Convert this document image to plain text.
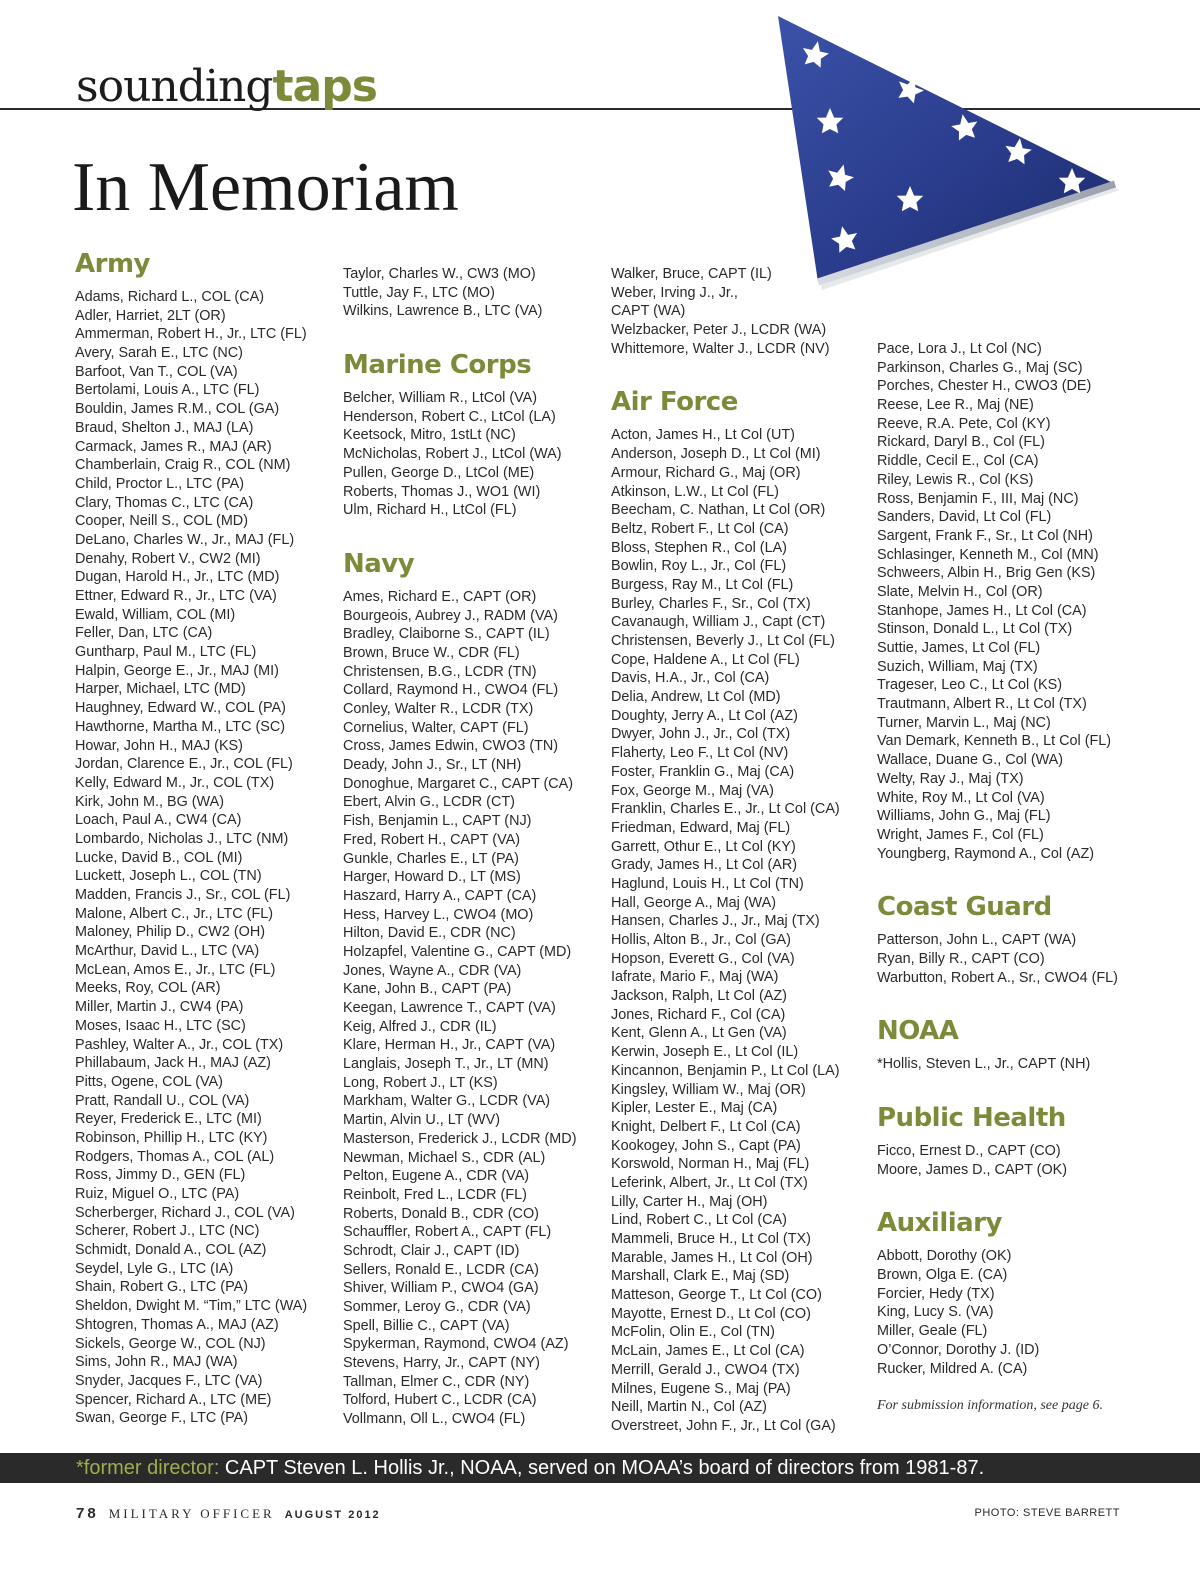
soundingtaps
In Memoriam
Army
Adams, Richard L., COL (CA)
Adler, Harriet, 2LT (OR)
Ammerman, Robert H., Jr., LTC (FL)
Avery, Sarah E., LTC (NC)
Barfoot, Van T., COL (VA)
Bertolami, Louis A., LTC (FL)
Bouldin, James R.M., COL (GA)
Braud, Shelton J., MAJ (LA)
Carmack, James R., MAJ (AR)
Chamberlain, Craig R., COL (NM)
Child, Proctor L., LTC (PA)
Clary, Thomas C., LTC (CA)
Cooper, Neill S., COL (MD)
DeLano, Charles W., Jr., MAJ (FL)
Denahy, Robert V., CW2 (MI)
Dugan, Harold H., Jr., LTC (MD)
Ettner, Edward R., Jr., LTC (VA)
Ewald, William, COL (MI)
Feller, Dan, LTC (CA)
Guntharp, Paul M., LTC (FL)
Halpin, George E., Jr., MAJ (MI)
Harper, Michael, LTC (MD)
Haughney, Edward W., COL (PA)
Hawthorne, Martha M., LTC (SC)
Howar, John H., MAJ (KS)
Jordan, Clarence E., Jr., COL (FL)
Kelly, Edward M., Jr., COL (TX)
Kirk, John M., BG (WA)
Loach, Paul A., CW4 (CA)
Lombardo, Nicholas J., LTC (NM)
Lucke, David B., COL (MI)
Luckett, Joseph L., COL (TN)
Madden, Francis J., Sr., COL (FL)
Malone, Albert C., Jr., LTC (FL)
Maloney, Philip D., CW2 (OH)
McArthur, David L., LTC (VA)
McLean, Amos E., Jr., LTC (FL)
Meeks, Roy, COL (AR)
Miller, Martin J., CW4 (PA)
Moses, Isaac H., LTC (SC)
Pashley, Walter A., Jr., COL (TX)
Phillabaum, Jack H., MAJ (AZ)
Pitts, Ogene, COL (VA)
Pratt, Randall U., COL (VA)
Reyer, Frederick E., LTC (MI)
Robinson, Phillip H., LTC (KY)
Rodgers, Thomas A., COL (AL)
Ross, Jimmy D., GEN (FL)
Ruiz, Miguel O., LTC (PA)
Scherberger, Richard J., COL (VA)
Scherer, Robert J., LTC (NC)
Schmidt, Donald A., COL (AZ)
Seydel, Lyle G., LTC (IA)
Shain, Robert G., LTC (PA)
Sheldon, Dwight M. “Tim,” LTC (WA)
Shtogren, Thomas A., MAJ (AZ)
Sickels, George W., COL (NJ)
Sims, John R., MAJ (WA)
Snyder, Jacques F., LTC (VA)
Spencer, Richard A., LTC (ME)
Swan, George F., LTC (PA)
Taylor, Charles W., CW3 (MO)
Tuttle, Jay F., LTC (MO)
Wilkins, Lawrence B., LTC (VA)
Marine Corps
Belcher, William R., LtCol (VA)
Henderson, Robert C., LtCol (LA)
Keetsock, Mitro, 1stLt (NC)
McNicholas, Robert J., LtCol (WA)
Pullen, George D., LtCol (ME)
Roberts, Thomas J., WO1 (WI)
Ulm, Richard H., LtCol (FL)
Navy
Ames, Richard E., CAPT (OR)
Bourgeois, Aubrey J., RADM (VA)
Bradley, Claiborne S., CAPT (IL)
Brown, Bruce W., CDR (FL)
Christensen, B.G., LCDR (TN)
Collard, Raymond H., CWO4 (FL)
Conley, Walter R., LCDR (TX)
Cornelius, Walter, CAPT (FL)
Cross, James Edwin, CWO3 (TN)
Deady, John J., Sr., LT (NH)
Donoghue, Margaret C., CAPT (CA)
Ebert, Alvin G., LCDR (CT)
Fish, Benjamin L., CAPT (NJ)
Fred, Robert H., CAPT (VA)
Gunkle, Charles E., LT (PA)
Harger, Howard D., LT (MS)
Haszard, Harry A., CAPT (CA)
Hess, Harvey L., CWO4 (MO)
Hilton, David E., CDR (NC)
Holzapfel, Valentine G., CAPT (MD)
Jones, Wayne A., CDR (VA)
Kane, John B., CAPT (PA)
Keegan, Lawrence T., CAPT (VA)
Keig, Alfred J., CDR (IL)
Klare, Herman H., Jr., CAPT (VA)
Langlais, Joseph T., Jr., LT (MN)
Long, Robert J., LT (KS)
Markham, Walter G., LCDR (VA)
Martin, Alvin U., LT (WV)
Masterson, Frederick J., LCDR (MD)
Newman, Michael S., CDR (AL)
Pelton, Eugene A., CDR (VA)
Reinbolt, Fred L., LCDR (FL)
Roberts, Donald B., CDR (CO)
Schauffler, Robert A., CAPT (FL)
Schrodt, Clair J., CAPT (ID)
Sellers, Ronald E., LCDR (CA)
Shiver, William P., CWO4 (GA)
Sommer, Leroy G., CDR (VA)
Spell, Billie C., CAPT (VA)
Spykerman, Raymond, CWO4 (AZ)
Stevens, Harry, Jr., CAPT (NY)
Tallman, Elmer C., CDR (NY)
Tolford, Hubert C., LCDR (CA)
Vollmann, Oll L., CWO4 (FL)
Walker, Bruce, CAPT (IL)
Weber, Irving J., Jr.,
CAPT (WA)
Welzbacker, Peter J., LCDR (WA)
Whittemore, Walter J., LCDR (NV)
Air Force
Acton, James H., Lt Col (UT)
Anderson, Joseph D., Lt Col (MI)
Armour, Richard G., Maj (OR)
Atkinson, L.W., Lt Col (FL)
Beecham, C. Nathan, Lt Col (OR)
Beltz, Robert F., Lt Col (CA)
Bloss, Stephen R., Col (LA)
Bowlin, Roy L., Jr., Col (FL)
Burgess, Ray M., Lt Col (FL)
Burley, Charles F., Sr., Col (TX)
Cavanaugh, William J., Capt (CT)
Christensen, Beverly J., Lt Col (FL)
Cope, Haldene A., Lt Col (FL)
Davis, H.A., Jr., Col (CA)
Delia, Andrew, Lt Col (MD)
Doughty, Jerry A., Lt Col (AZ)
Dwyer, John J., Jr., Col (TX)
Flaherty, Leo F., Lt Col (NV)
Foster, Franklin G., Maj (CA)
Fox, George M., Maj (VA)
Franklin, Charles E., Jr., Lt Col (CA)
Friedman, Edward, Maj (FL)
Garrett, Othur E., Lt Col (KY)
Grady, James H., Lt Col (AR)
Haglund, Louis H., Lt Col (TN)
Hall, George A., Maj (WA)
Hansen, Charles J., Jr., Maj (TX)
Hollis, Alton B., Jr., Col (GA)
Hopson, Everett G., Col (VA)
Iafrate, Mario F., Maj (WA)
Jackson, Ralph, Lt Col (AZ)
Jones, Richard F., Col (CA)
Kent, Glenn A., Lt Gen (VA)
Kerwin, Joseph E., Lt Col (IL)
Kincannon, Benjamin P., Lt Col (LA)
Kingsley, William W., Maj (OR)
Kipler, Lester E., Maj (CA)
Knight, Delbert F., Lt Col (CA)
Kookogey, John S., Capt (PA)
Korswold, Norman H., Maj (FL)
Leferink, Albert, Jr., Lt Col (TX)
Lilly, Carter H., Maj (OH)
Lind, Robert C., Lt Col (CA)
Mammeli, Bruce H., Lt Col (TX)
Marable, James H., Lt Col (OH)
Marshall, Clark E., Maj (SD)
Matteson, George T., Lt Col (CO)
Mayotte, Ernest D., Lt Col (CO)
McFolin, Olin E., Col (TN)
McLain, James E., Lt Col (CA)
Merrill, Gerald J., CWO4 (TX)
Milnes, Eugene S., Maj (PA)
Neill, Martin N., Col (AZ)
Overstreet, John F., Jr., Lt Col (GA)
Pace, Lora J., Lt Col (NC)
Parkinson, Charles G., Maj (SC)
Porches, Chester H., CWO3 (DE)
Reese, Lee R., Maj (NE)
Reeve, R.A. Pete, Col (KY)
Rickard, Daryl B., Col (FL)
Riddle, Cecil E., Col (CA)
Riley, Lewis R., Col (KS)
Ross, Benjamin F., III, Maj (NC)
Sanders, David, Lt Col (FL)
Sargent, Frank F., Sr., Lt Col (NH)
Schlasinger, Kenneth M., Col (MN)
Schweers, Albin H., Brig Gen (KS)
Slate, Melvin H., Col (OR)
Stanhope, James H., Lt Col (CA)
Stinson, Donald L., Lt Col (TX)
Suttie, James, Lt Col (FL)
Suzich, William, Maj (TX)
Trageser, Leo C., Lt Col (KS)
Trautmann, Albert R., Lt Col (TX)
Turner, Marvin L., Maj (NC)
Van Demark, Kenneth B., Lt Col (FL)
Wallace, Duane G., Col (WA)
Welty, Ray J., Maj (TX)
White, Roy M., Lt Col (VA)
Williams, John G., Maj (FL)
Wright, James F., Col (FL)
Youngberg, Raymond A., Col (AZ)
Coast Guard
Patterson, John L., CAPT (WA)
Ryan, Billy R., CAPT (CO)
Warbutton, Robert A., Sr., CWO4 (FL)
NOAA
*Hollis, Steven L., Jr., CAPT (NH)
Public Health
Ficco, Ernest D., CAPT (CO)
Moore, James D., CAPT (OK)
Auxiliary
Abbott, Dorothy (OK)
Brown, Olga E. (CA)
Forcier, Hedy (TX)
King, Lucy S. (VA)
Miller, Geale (FL)
O’Connor, Dorothy J. (ID)
Rucker, Mildred A. (CA)
For submission information, see page 6.
*former director: CAPT Steven L. Hollis Jr., NOAA, served on MOAA’s board of directors from 1981-87.
78 MILITARY OFFICER AUGUST 2012	PHOTO: STEVE BARRETT
